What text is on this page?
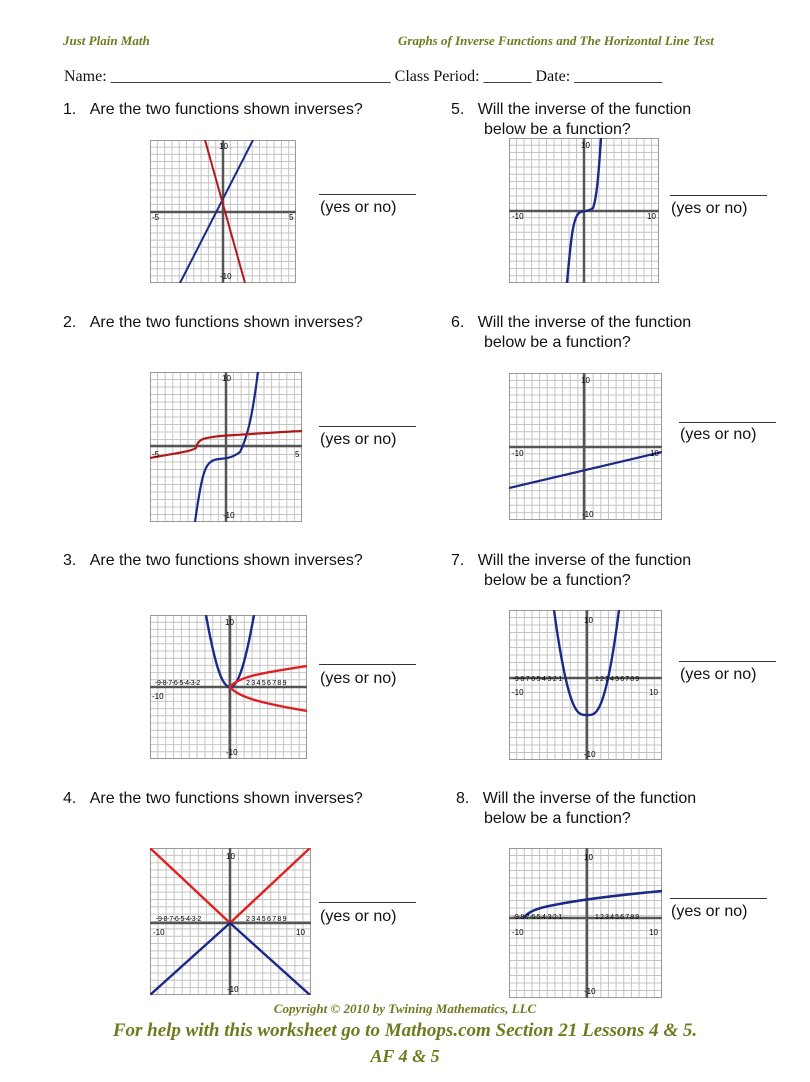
Just Plain Math	Graphs of Inverse Functions and The Horizontal Line Test
Name: ___________________________________ Class Period: ______ Date: ___________
1. Are the two functions shown inverses?
2. Are the two functions shown inverses?
3. Are the two functions shown inverses?
4. Are the two functions shown inverses?
5. Will the inverse of the function
below be a function?
6. Will the inverse of the function
below be a function?
7. Will the inverse of the function
below be a function?
8. Will the inverse of the function
below be a function?
(yes or no)
(yes or no)
(yes or no)
(yes or no)
(yes or no)
(yes or no)
(yes or no)
(yes or no)
10
-10
-5	5
10
-10
-5	5
10
-10
-10
-9-8-7-6-5-4-3-2	2 3 4 5 6 7 8 9
10
-10
-10	10
-9-8-7-6-5-4-3-2	2 3 4 5 6 7 8 9
10
-10	10
10
-10
-10	10
10
-10
-10	10
-9-8-7-6-5-4-3-2-1	1 2 3 4 5 6 7 8 9
10
-10
-10	10
-9-8-7-6-5-4-3-2-1	1 2 3 4 5 6 7 8 9
Copyright © 2010 by Twining Mathematics, LLC
For help with this worksheet go to Mathops.com Section 21 Lessons 4 & 5.
AF 4 & 5
